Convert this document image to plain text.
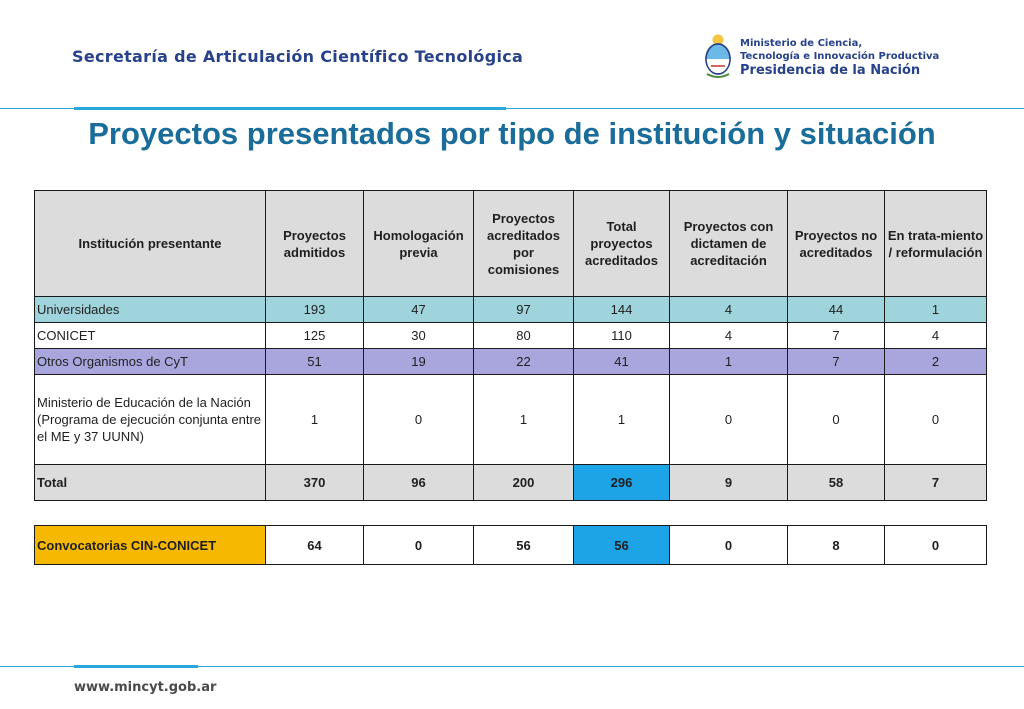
Secretaría de Articulación Científico Tecnológica
Ministerio de Ciencia,
Tecnología e Innovación Productiva
Presidencia de la Nación
Proyectos presentados por tipo de institución y situación
Institución presentante	Proyectos admitidos	Homologación previa	Proyectos acreditados por comisiones	Total proyectos acreditados	Proyectos con dictamen de acreditación	Proyectos no acreditados	En trata-miento / reformulación
Universidades	193	47	97	144	4	44	1
CONICET	125	30	80	110	4	7	4
Otros Organismos de CyT	51	19	22	41	1	7	2
Ministerio de Educación de la Nación (Programa de ejecución conjunta entre el ME y 37 UUNN)	1	0	1	1	0	0	0
Total	370	96	200	296	9	58	7
Convocatorias CIN-CONICET	64	0	56	56	0	8	0
www.mincyt.gob.ar
